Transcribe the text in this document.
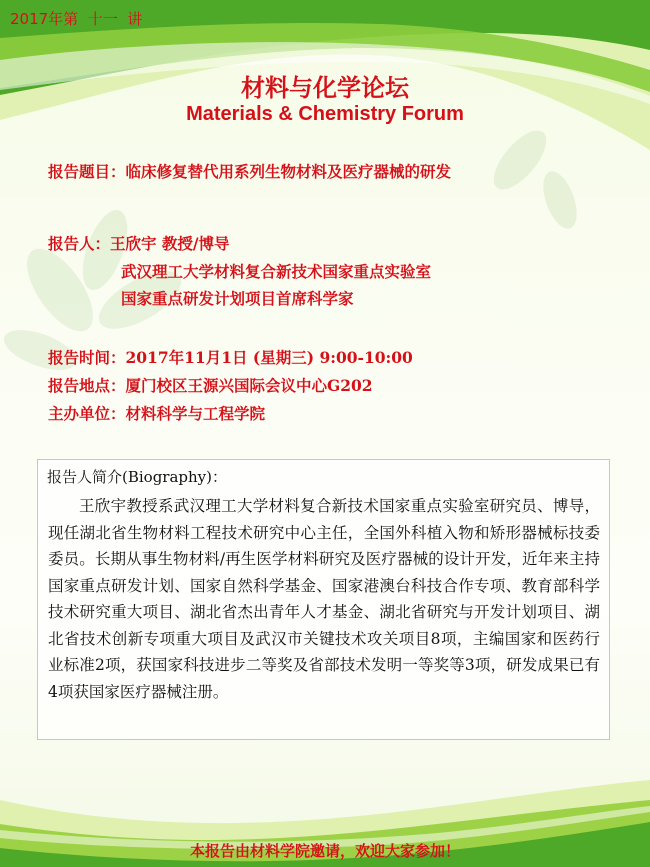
2017年第  十一  讲
材料与化学论坛
Materials & Chemistry Forum
报告题目：临床修复替代用系列生物材料及医疗器械的研发
报告人：王欣宇 教授/博导
武汉理工大学材料复合新技术国家重点实验室
国家重点研发计划项目首席科学家
报告时间：2017年11月1日 (星期三) 9:00-10:00
报告地点：厦门校区王源兴国际会议中心G202
主办单位：材料科学与工程学院
报告人简介(Biography)：
王欣宇教授系武汉理工大学材料复合新技术国家重点实验室研究员、博导，现任湖北省生物材料工程技术研究中心主任，全国外科植入物和矫形器械标技委委员。长期从事生物材料/再生医学材料研究及医疗器械的设计开发，近年来主持国家重点研发计划、国家自然科学基金、国家港澳台科技合作专项、教育部科学技术研究重大项目、湖北省杰出青年人才基金、湖北省研究与开发计划项目、湖北省技术创新专项重大项目及武汉市关键技术攻关项目8项，主编国家和医药行业标准2项，获国家科技进步二等奖及省部技术发明一等奖等3项，研发成果已有4项获国家医疗器械注册。
本报告由材料学院邀请，欢迎大家参加！
